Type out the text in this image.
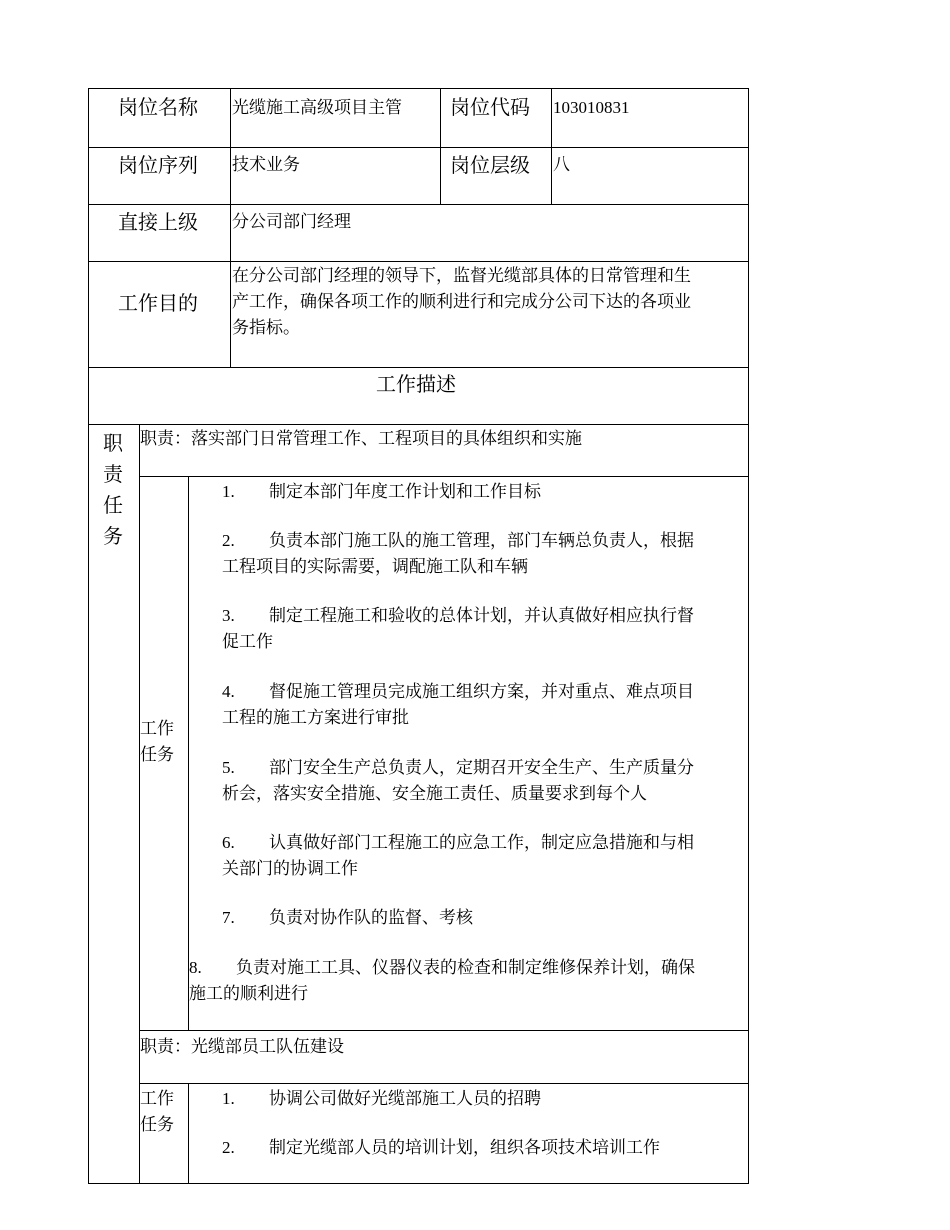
岗位名称 光缆施工高级项目主管 岗位代码 103010831
岗位序列 技术业务	岗位层级 八
直接上级 分公司部门经理
工作目的
在分公司部门经理的领导下，监督光缆部具体的日常管理和生
产工作，确保各项工作的顺利进行和完成分公司下达的各项业
务指标。
工作描述
职
责
任
务
职责：落实部门日常管理工作、工程项目的具体组织和实施
工作
任务
1. 制定本部门年度工作计划和工作目标
2. 负责本部门施工队的施工管理，部门车辆总负责人，根据
工程项目的实际需要，调配施工队和车辆
3. 制定工程施工和验收的总体计划，并认真做好相应执行督
促工作
4. 督促施工管理员完成施工组织方案，并对重点、难点项目
工程的施工方案进行审批
5. 部门安全生产总负责人，定期召开安全生产、生产质量分
析会，落实安全措施、安全施工责任、质量要求到每个人
6. 认真做好部门工程施工的应急工作，制定应急措施和与相
关部门的协调工作
7. 负责对协作队的监督、考核
8. 负责对施工工具、仪器仪表的检查和制定维修保养计划，确保
施工的顺利进行
职责：光缆部员工队伍建设
工作
任务
1. 协调公司做好光缆部施工人员的招聘
2. 制定光缆部人员的培训计划，组织各项技术培训工作
